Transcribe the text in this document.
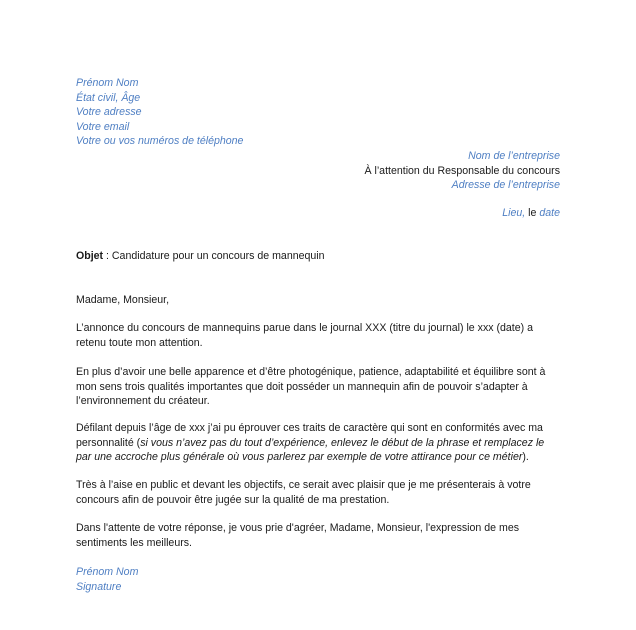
Prénom Nom
État civil, Âge
Votre adresse
Votre email
Votre ou vos numéros de téléphone
Nom de l’entreprise
À l’attention du Responsable du concours
Adresse de l’entreprise
Lieu, le date
Objet : Candidature pour un concours de mannequin
Madame, Monsieur,
L’annonce du concours de mannequins parue dans le journal XXX (titre du journal) le xxx (date) a
retenu toute mon attention.
En plus d’avoir une belle apparence et d’être photogénique, patience, adaptabilité et équilibre sont à
mon sens trois qualités importantes que doit posséder un mannequin afin de pouvoir s’adapter à
l’environnement du créateur.
Défilant depuis l’âge de xxx j’ai pu éprouver ces traits de caractère qui sont en conformités avec ma
personnalité (si vous n’avez pas du tout d’expérience, enlevez le début de la phrase et remplacez le
par une accroche plus générale où vous parlerez par exemple de votre attirance pour ce métier).
Très à l’aise en public et devant les objectifs, ce serait avec plaisir que je me présenterais à votre
concours afin de pouvoir être jugée sur la qualité de ma prestation.
Dans l'attente de votre réponse, je vous prie d'agréer, Madame, Monsieur, l'expression de mes
sentiments les meilleurs.
Prénom Nom
Signature
